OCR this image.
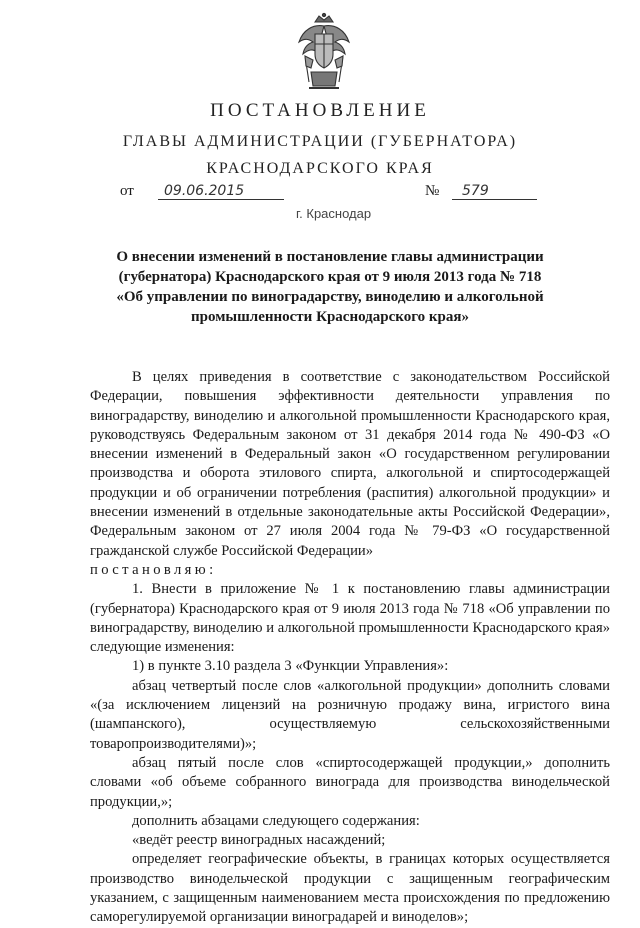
ПОСТАНОВЛЕНИЕ
ГЛАВЫ АДМИНИСТРАЦИИ (ГУБЕРНАТОРА)
КРАСНОДАРСКОГО КРАЯ
от	09.06.2015	№	579
г. Краснодар
О внесении изменений в постановление главы администрации (губернатора) Краснодарского края от 9 июля 2013 года № 718 «Об управлении по виноградарству, виноделию и алкогольной промышленности Краснодарского края»

В целях приведения в соответствие с законодательством Российской Федерации, повышения эффективности деятельности управления по виноградарству, виноделию и алкогольной промышленности Краснодарского края, руководствуясь Федеральным законом от 31 декабря 2014 года № 490-ФЗ «О внесении изменений в Федеральный закон «О государственном регулировании производства и оборота этилового спирта, алкогольной и спиртосодержащей продукции и об ограничении потребления (распития) алкогольной продукции» и внесении изменений в отдельные законодательные акты Российской Федерации», Федеральным законом от 27 июля 2004 года № 79-ФЗ «О государственной гражданской службе Российской Федерации»

постановляю:

1. Внести в приложение № 1 к постановлению главы администрации (губернатора) Краснодарского края от 9 июля 2013 года № 718 «Об управлении по виноградарству, виноделию и алкогольной промышленности Краснодарского края» следующие изменения:

1) в пункте 3.10 раздела 3 «Функции Управления»:

абзац четвертый после слов «алкогольной продукции» дополнить словами «(за исключением лицензий на розничную продажу вина, игристого вина (шампанского), осуществляемую сельскохозяйственными товаропроизводителями)»;

абзац пятый после слов «спиртосодержащей продукции,» дополнить словами «об объеме собранного винограда для производства винодельческой продукции,»;

дополнить абзацами следующего содержания:

«ведёт реестр виноградных насаждений;

определяет географические объекты, в границах которых осуществляется производство винодельческой продукции с защищенным географическим указанием, с защищенным наименованием места происхождения по предложению саморегулируемой организации виноградарей и виноделов»;
